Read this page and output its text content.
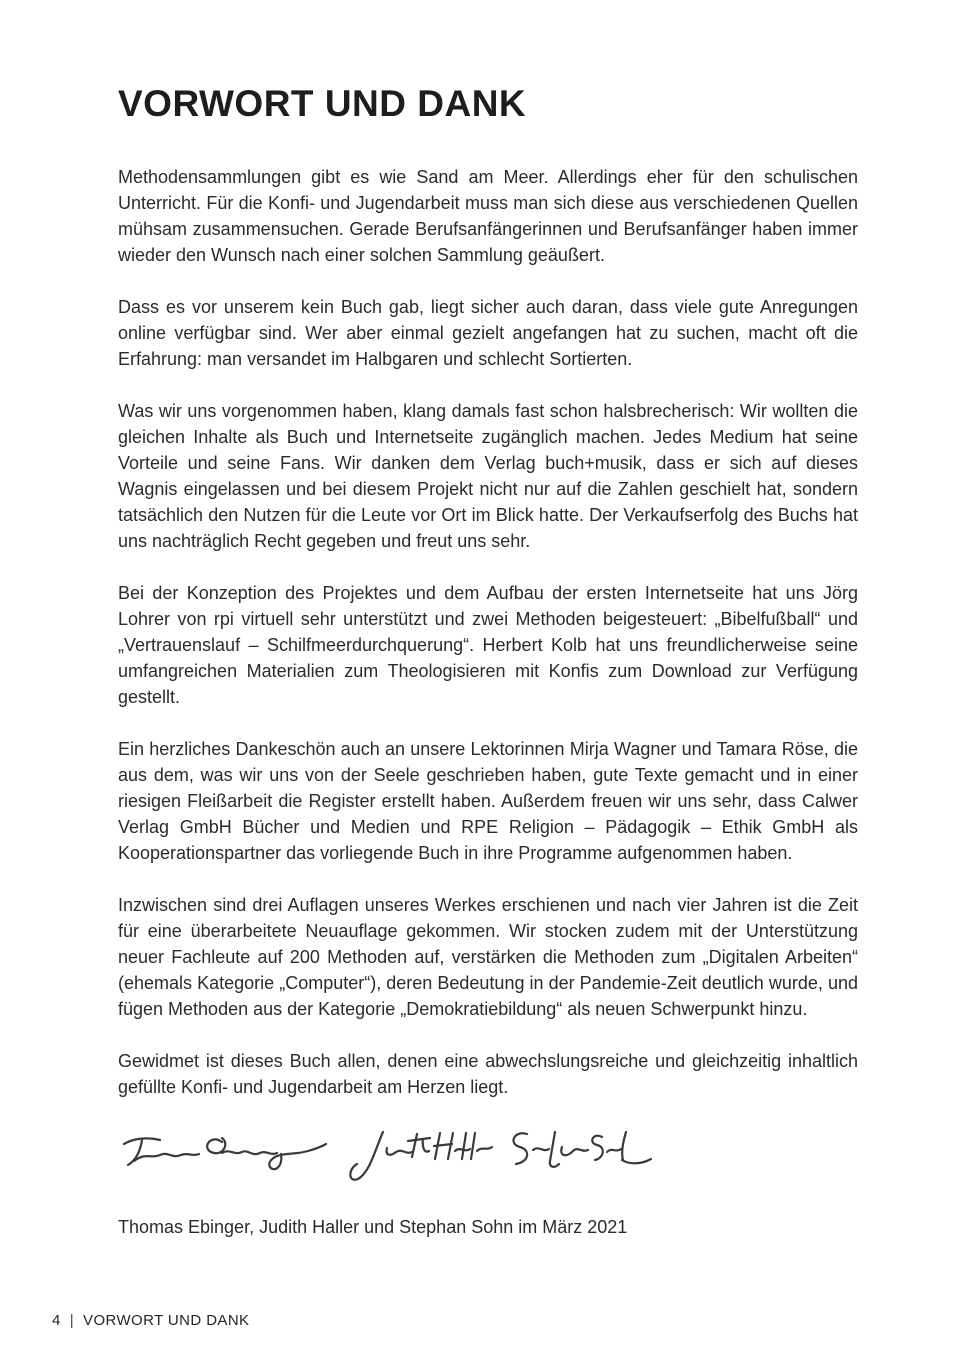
VORWORT UND DANK

Methodensammlungen gibt es wie Sand am Meer. Allerdings eher für den schulischen Unterricht. Für die Konfi- und Jugendarbeit muss man sich diese aus verschiedenen Quellen mühsam zusammensuchen. Gerade Berufsanfängerinnen und Berufsanfänger haben immer wieder den Wunsch nach einer solchen Sammlung geäußert.

Dass es vor unserem kein Buch gab, liegt sicher auch daran, dass viele gute Anregungen online verfügbar sind. Wer aber einmal gezielt angefangen hat zu suchen, macht oft die Erfahrung: man versandet im Halbgaren und schlecht Sortierten.

Was wir uns vorgenommen haben, klang damals fast schon halsbrecherisch: Wir wollten die gleichen Inhalte als Buch und Internetseite zugänglich machen. Jedes Medium hat seine Vorteile und seine Fans. Wir danken dem Verlag buch+musik, dass er sich auf dieses Wagnis eingelassen und bei diesem Projekt nicht nur auf die Zahlen geschielt hat, sondern tatsächlich den Nutzen für die Leute vor Ort im Blick hatte. Der Verkaufserfolg des Buchs hat uns nachträglich Recht gegeben und freut uns sehr.

Bei der Konzeption des Projektes und dem Aufbau der ersten Internetseite hat uns Jörg Lohrer von rpi virtuell sehr unterstützt und zwei Methoden beigesteuert: „Bibelfußball“ und „Vertrauenslauf – Schilfmeerdurchquerung“. Herbert Kolb hat uns freundlicherweise seine umfangreichen Materialien zum Theologisieren mit Konfis zum Download zur Verfügung gestellt.

Ein herzliches Dankeschön auch an unsere Lektorinnen Mirja Wagner und Tamara Röse, die aus dem, was wir uns von der Seele geschrieben haben, gute Texte gemacht und in einer riesigen Fleißarbeit die Register erstellt haben. Außerdem freuen wir uns sehr, dass Calwer Verlag GmbH Bücher und Medien und RPE Religion – Pädagogik – Ethik GmbH als Kooperationspartner das vorliegende Buch in ihre Programme aufgenommen haben.

Inzwischen sind drei Auflagen unseres Werkes erschienen und nach vier Jahren ist die Zeit für eine überarbeitete Neuauflage gekommen. Wir stocken zudem mit der Unterstützung neuer Fachleute auf 200 Methoden auf, verstärken die Methoden zum „Digitalen Arbeiten“ (ehemals Kategorie „Computer“), deren Bedeutung in der Pandemie-Zeit deutlich wurde, und fügen Methoden aus der Kategorie „Demokratiebildung“ als neuen Schwerpunkt hinzu.

Gewidmet ist dieses Buch allen, denen eine abwechslungsreiche und gleichzeitig inhaltlich gefüllte Konfi- und Jugendarbeit am Herzen liegt.

Thomas Ebinger, Judith Haller und Stephan Sohn im März 2021
4 | VORWORT UND DANK
